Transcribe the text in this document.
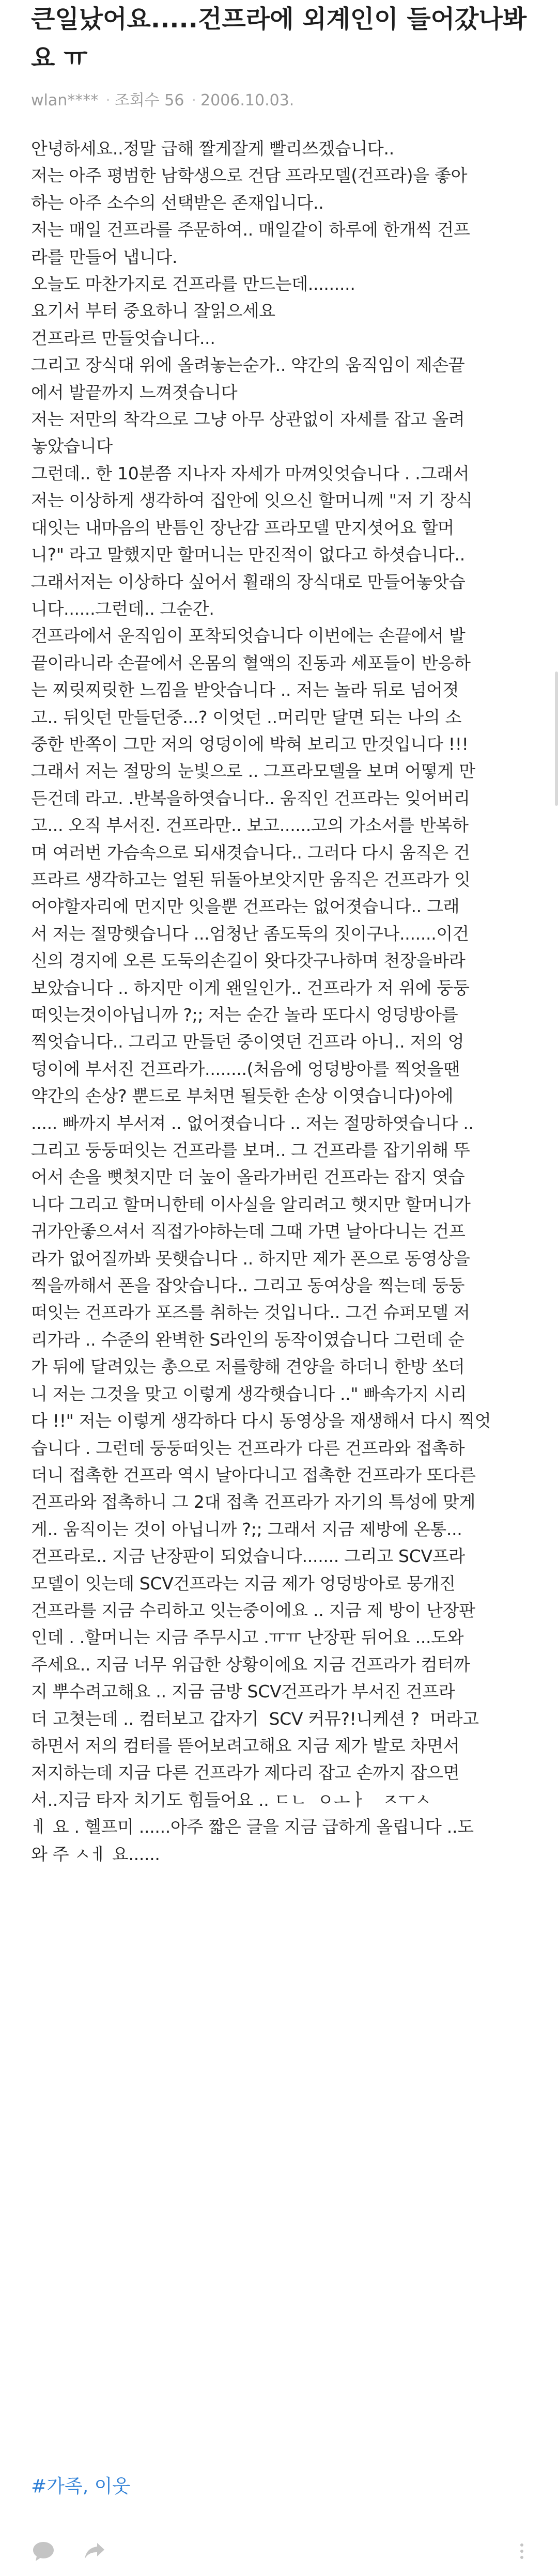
큰일났어요.....건프라에 외계인이 들어갔나봐요 ㅠ
wlan**** · 조회수 56 · 2006.10.03.

안녕하세요..정말 급해 짤게잘게 빨리쓰겠습니다..

저는 아주 평범한 남학생으로 건담 프라모델(건프라)을 좋아

하는 아주 소수의 선택받은 존재입니다..

저는 매일 건프라를 주문하여.. 매일같이 하루에 한개씩 건프

라를 만들어 냅니다.

오늘도 마찬가지로 건프라를 만드는데.........

요기서 부터 중요하니 잘읽으세요

건프라르 만들엇습니다...

그리고 장식대 위에 올려놓는순가.. 약간의 움직임이 제손끝

에서 발끝까지 느껴졋습니다

저는 저만의 착각으로 그냥 아무 상관없이 자세를 잡고 올려

놓았습니다

그런데.. 한 10분쯤 지나자 자세가 마껴잇엇습니다 . .그래서

저는 이상하게 생각하여 집안에 잇으신 할머니께 "저 기 장식

대잇는 내마음의 반틈인 장난감 프라모델 만지셧어요 할머

니?" 라고 말했지만 할머니는 만진적이 없다고 하셧습니다..

그래서저는 이상하다 싶어서 훨래의 장식대로 만들어놓앗습

니다......그런데.. 그순간.

건프라에서 운직임이 포착되엇습니다 이번에는 손끝에서 발

끝이라니라 손끝에서 온몸의 혈액의 진동과 세포들이 반응하

는 찌릿찌릿한 느낌을 받앗습니다 .. 저는 놀라 뒤로 넘어졋

고.. 뒤잇던 만들던중...? 이엇던 ..머리만 달면 되는 나의 소

중한 반쪽이 그만 저의 엉덩이에 박혀 보리고 만것입니다 !!!

그래서 저는 절망의 눈빛으로 .. 그프라모델을 보며 어떻게 만

든건데 라고. .반복을하엿습니다.. 움직인 건프라는 잊어버리

고... 오직 부서진. 건프라만.. 보고......고의 가소서를 반복하

며 여러번 가슴속으로 되새겻습니다.. 그러다 다시 움직은 건

프라르 생각하고는 얼된 뒤돌아보앗지만 움직은 건프라가 잇

어야할자리에 먼지만 잇을뿐 건프라는 없어졋습니다.. 그래

서 저는 절망햇습니다 ...엄청난 좀도둑의 짓이구나.......이건

신의 경지에 오른 도둑의손길이 왓다갓구나하며 천장을바라

보았습니다 .. 하지만 이게 왠일인가.. 건프라가 저 위에 둥둥

떠잇는것이아닙니까 ?;; 저는 순간 놀라 또다시 엉덩방아를

찍엇습니다.. 그리고 만들던 중이엿던 건프라 아니.. 저의 엉

덩이에 부서진 건프라가........(처음에 엉덩방아를 찍엇을땐

약간의 손상? 뿐드로 부처면 될듯한 손상 이엿습니다)아에

..... 빠까지 부서져 .. 없어졋습니다 .. 저는 절망하엿습니다 ..

그리고 둥둥떠잇는 건프라를 보며.. 그 건프라를 잡기위해 뚜

어서 손을 뻣쳣지만 더 높이 올라가버린 건프라는 잡지 엿습

니다 그리고 할머니한테 이사실을 알리려고 햇지만 할머니가

귀가안좋으셔서 직접가야하는데 그때 가면 날아다니는 건프

라가 없어질까봐 못햇습니다 .. 하지만 제가 폰으로 동영상을

찍을까해서 폰을 잡앗습니다.. 그리고 동여상을 찍는데 둥둥

떠잇는 건프라가 포즈를 취하는 것입니다.. 그건 슈퍼모델 저

리가라 .. 수준의 완벽한 S라인의 동작이였습니다 그런데 순

가 뒤에 달려있는 총으로 저를향해 견양을 하더니 한방 쏘더

니 저는 그것을 맞고 이렇게 생각햇습니다 .." 빠속가지 시리

다 !!" 저는 이렇게 생각하다 다시 동영상을 재생해서 다시 찍엇

습니다 . 그런데 둥둥떠잇는 건프라가 다른 건프라와 접촉하

더니 접촉한 건프라 역시 날아다니고 접촉한 건프라가 또다른

건프라와 접촉하니 그 2대 접촉 건프라가 자기의 특성에 맞게

게.. 움직이는 것이 아닙니까 ?;; 그래서 지금 제방에 온통...

건프라로.. 지금 난장판이 되었습니다....... 그리고 SCV프라

모델이 잇는데 SCV건프라는 지금 제가 엉덩방아로 뭉개진

건프라를 지금 수리하고 잇는중이에요 .. 지금 제 방이 난장판

인데 . .할머니는 지금 주무시고 .ㅠㅠ 난장판 뒤어요 ...도와

주세요.. 지금 너무 위급한 상황이에요 지금 건프라가 컴터까

지 뿌수려고해요 .. 지금 금방 SCV건프라가 부서진 건프라

더 고쳣는데 .. 컴터보고 갑자기  SCV 커뮤?!니케션 ?  머라고

하면서 저의 컴터를 뜯어보려고해요 지금 제가 발로 차면서

저지하는데 지금 다른 건프라가 제다리 잡고 손까지 잡으면

서..지금 타자 치기도 힘들어요 .. ㄷㄴ  ㅇㅗㅏ   ㅈㅜㅅ

ㅔ 요 . 헬프미 ......아주 짧은 글을 지금 급하게 올립니다 ..도

와 주 ㅅㅔ 요......

#가족, 이웃
